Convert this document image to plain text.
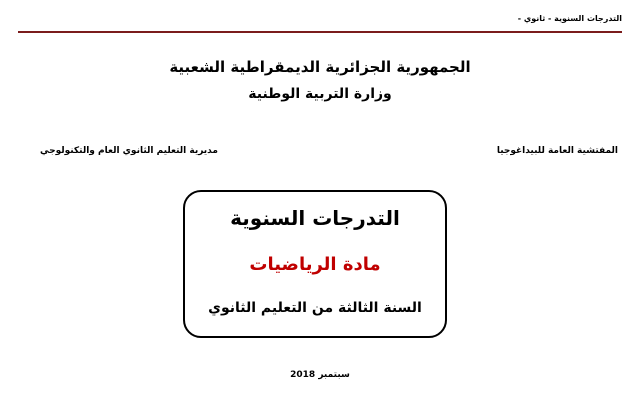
التدرجات السنوية - ثانوي -
الجمهورية الجزائرية الديمقراطية الشعبية
وزارة التربية الوطنية
المفتشية العامة للبيداغوجيا
مديرية التعليم الثانوي العام والتكنولوجي
التدرجات السنوية
مادة الرياضيات
السنة الثالثة من التعليم الثانوي
سبتمبر 2018
